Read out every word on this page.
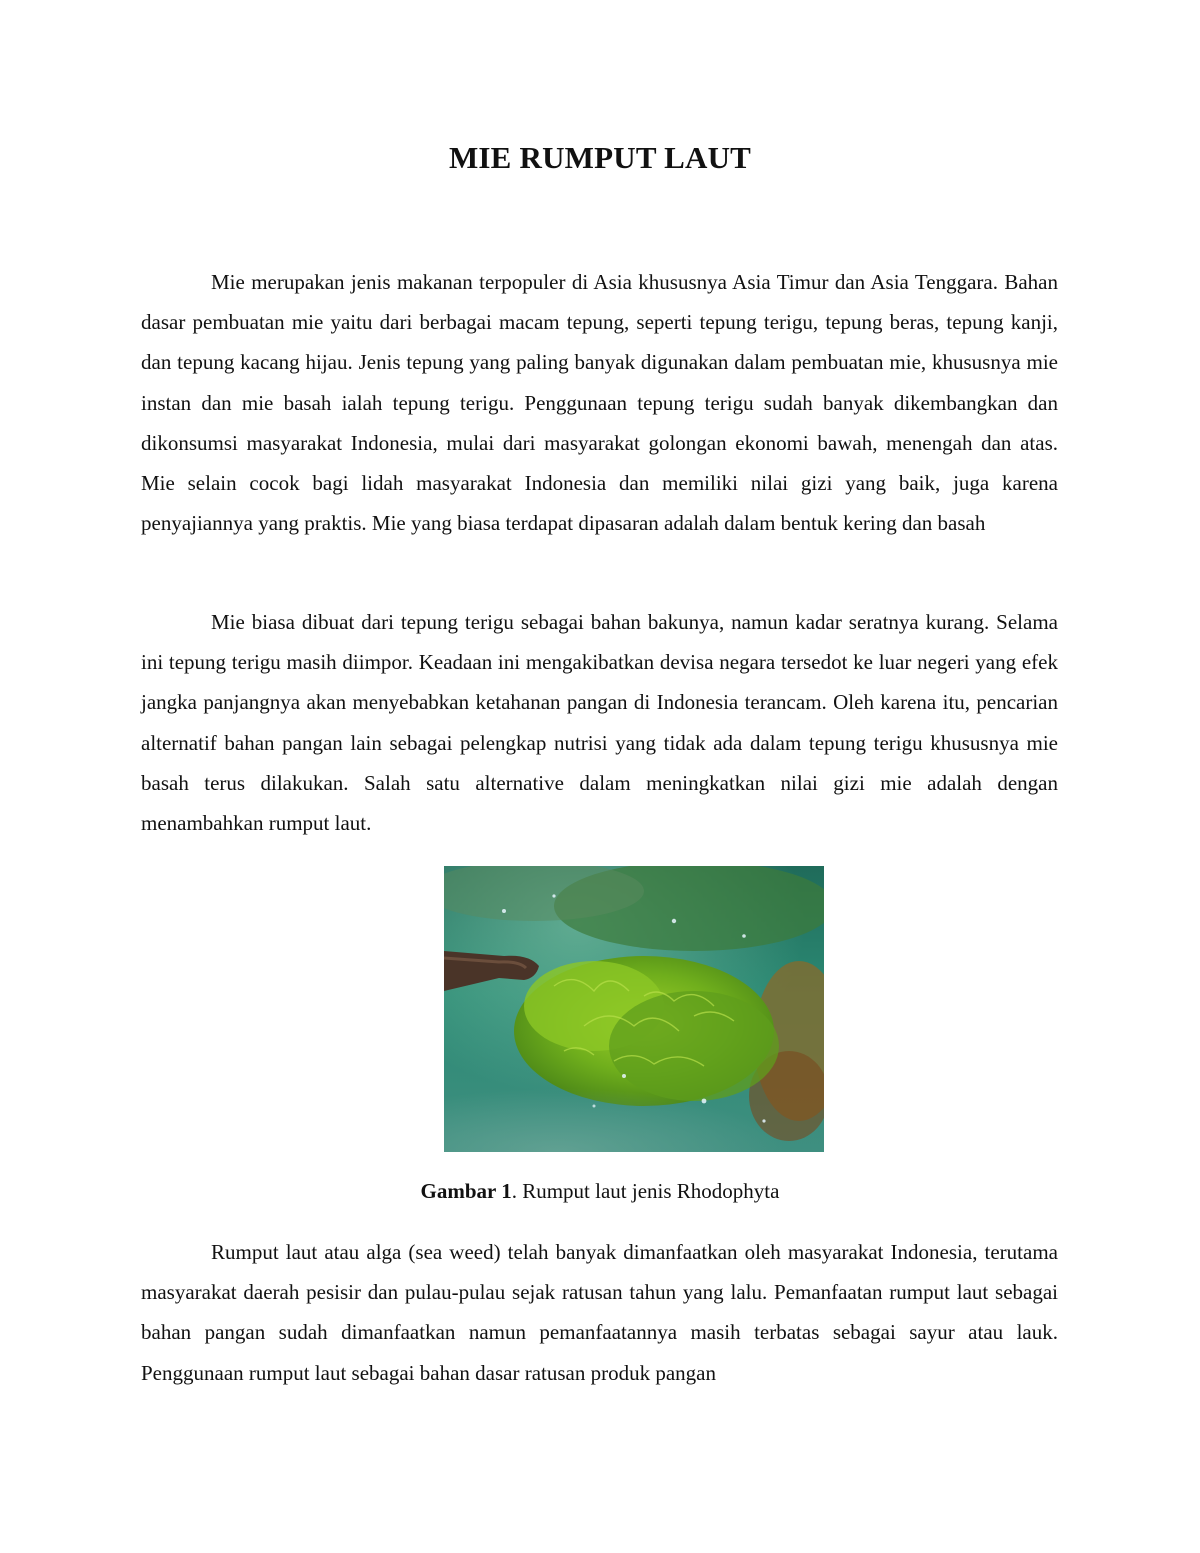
MIE RUMPUT LAUT

Mie merupakan jenis makanan terpopuler di Asia khususnya Asia Timur dan Asia Tenggara. Bahan dasar pembuatan mie yaitu dari berbagai macam tepung, seperti tepung terigu, tepung beras, tepung kanji, dan tepung kacang hijau. Jenis tepung yang paling banyak digunakan dalam pembuatan mie, khususnya mie instan dan mie basah ialah tepung terigu. Penggunaan tepung terigu sudah banyak dikembangkan dan dikonsumsi masyarakat Indonesia, mulai dari masyarakat golongan ekonomi bawah, menengah dan atas. Mie selain cocok bagi lidah masyarakat Indonesia dan memiliki nilai gizi yang baik, juga karena penyajiannya yang praktis. Mie yang biasa terdapat dipasaran adalah dalam bentuk kering dan basah

Mie biasa dibuat dari tepung terigu sebagai bahan bakunya, namun kadar seratnya kurang. Selama ini tepung terigu masih diimpor. Keadaan ini mengakibatkan devisa negara tersedot ke luar negeri yang efek jangka panjangnya akan menyebabkan ketahanan pangan di Indonesia terancam. Oleh karena itu, pencarian alternatif bahan pangan lain sebagai pelengkap nutrisi yang tidak ada dalam tepung terigu khususnya mie basah terus dilakukan. Salah satu alternative dalam meningkatkan nilai gizi mie adalah dengan menambahkan rumput laut.

Gambar 1. Rumput laut jenis Rhodophyta

Rumput laut atau alga (sea weed) telah banyak dimanfaatkan oleh masyarakat Indonesia, terutama masyarakat daerah pesisir dan pulau-pulau sejak ratusan tahun yang lalu. Pemanfaatan rumput laut sebagai bahan pangan sudah dimanfaatkan namun pemanfaatannya masih terbatas sebagai sayur atau lauk. Penggunaan rumput laut sebagai bahan dasar ratusan produk pangan
